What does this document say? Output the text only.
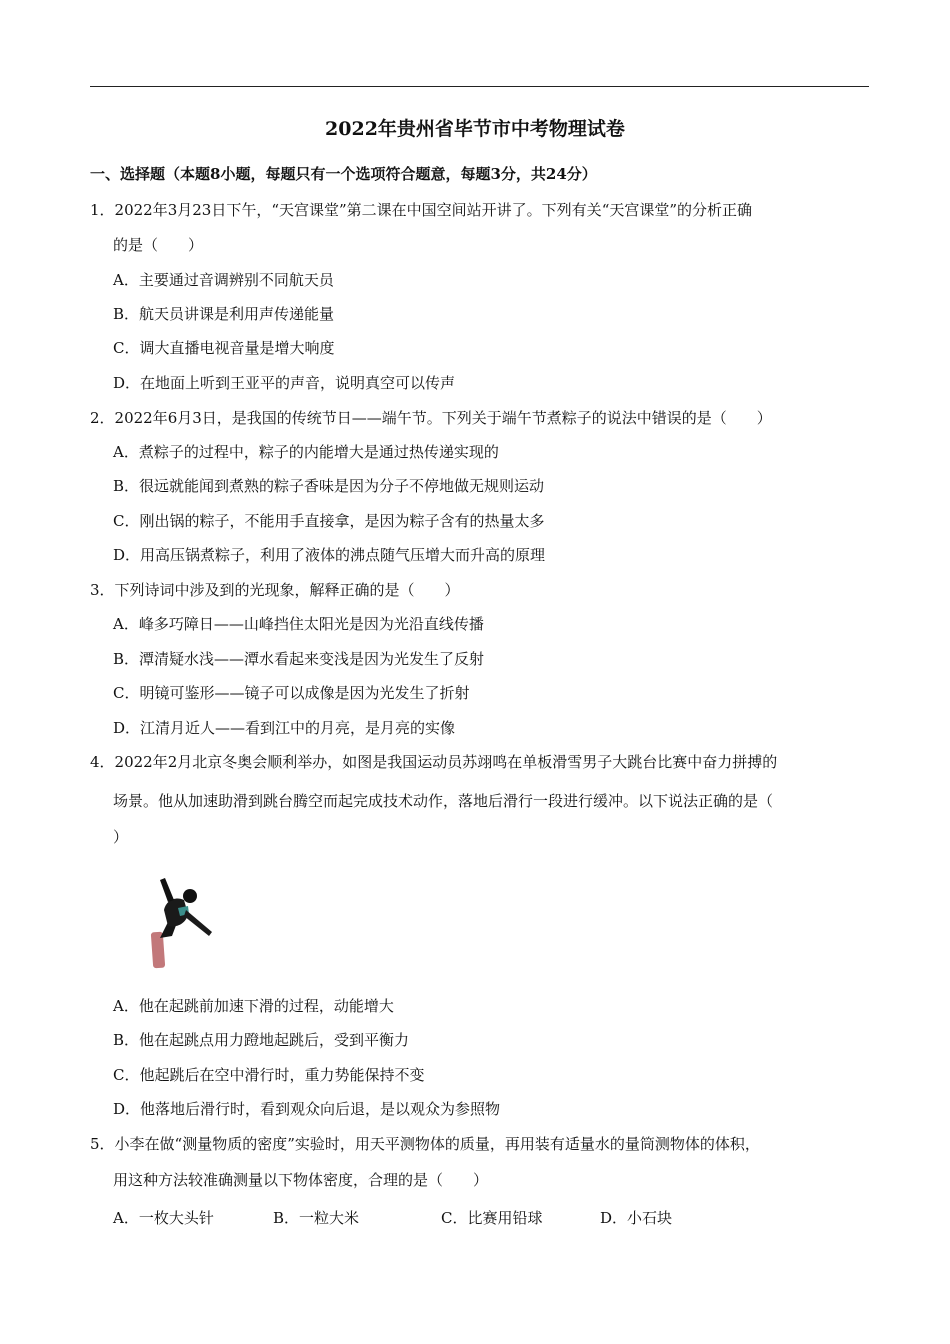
2022年贵州省毕节市中考物理试卷
一、选择题（本题8小题，每题只有一个选项符合题意，每题3分，共24分）
1．2022年3月23日下午，“天宫课堂”第二课在中国空间站开讲了。下列有关“天宫课堂”的分析正确
的是（　　）
A．主要通过音调辨别不同航天员
B．航天员讲课是利用声传递能量
C．调大直播电视音量是增大响度
D．在地面上听到王亚平的声音，说明真空可以传声
2．2022年6月3日，是我国的传统节日——端午节。下列关于端午节煮粽子的说法中错误的是（　　）
A．煮粽子的过程中，粽子的内能增大是通过热传递实现的
B．很远就能闻到煮熟的粽子香味是因为分子不停地做无规则运动
C．刚出锅的粽子，不能用手直接拿，是因为粽子含有的热量太多
D．用高压锅煮粽子，利用了液体的沸点随气压增大而升高的原理
3．下列诗词中涉及到的光现象，解释正确的是（　　）
A．峰多巧障日——山峰挡住太阳光是因为光沿直线传播
B．潭清疑水浅——潭水看起来变浅是因为光发生了反射
C．明镜可鉴形——镜子可以成像是因为光发生了折射
D．江清月近人——看到江中的月亮，是月亮的实像
4．2022年2月北京冬奥会顺利举办，如图是我国运动员苏翊鸣在单板滑雪男子大跳台比赛中奋力拼搏的
场景。他从加速助滑到跳台腾空而起完成技术动作，落地后滑行一段进行缓冲。以下说法正确的是（
）
A．他在起跳前加速下滑的过程，动能增大
B．他在起跳点用力蹬地起跳后，受到平衡力
C．他起跳后在空中滑行时，重力势能保持不变
D．他落地后滑行时，看到观众向后退，是以观众为参照物
5．小李在做“测量物质的密度”实验时，用天平测物体的质量，再用装有适量水的量筒测物体的体积，
用这种方法较准确测量以下物体密度，合理的是（　　）
A．一枚大头针	B．一粒大米	C．比赛用铅球	D．小石块
